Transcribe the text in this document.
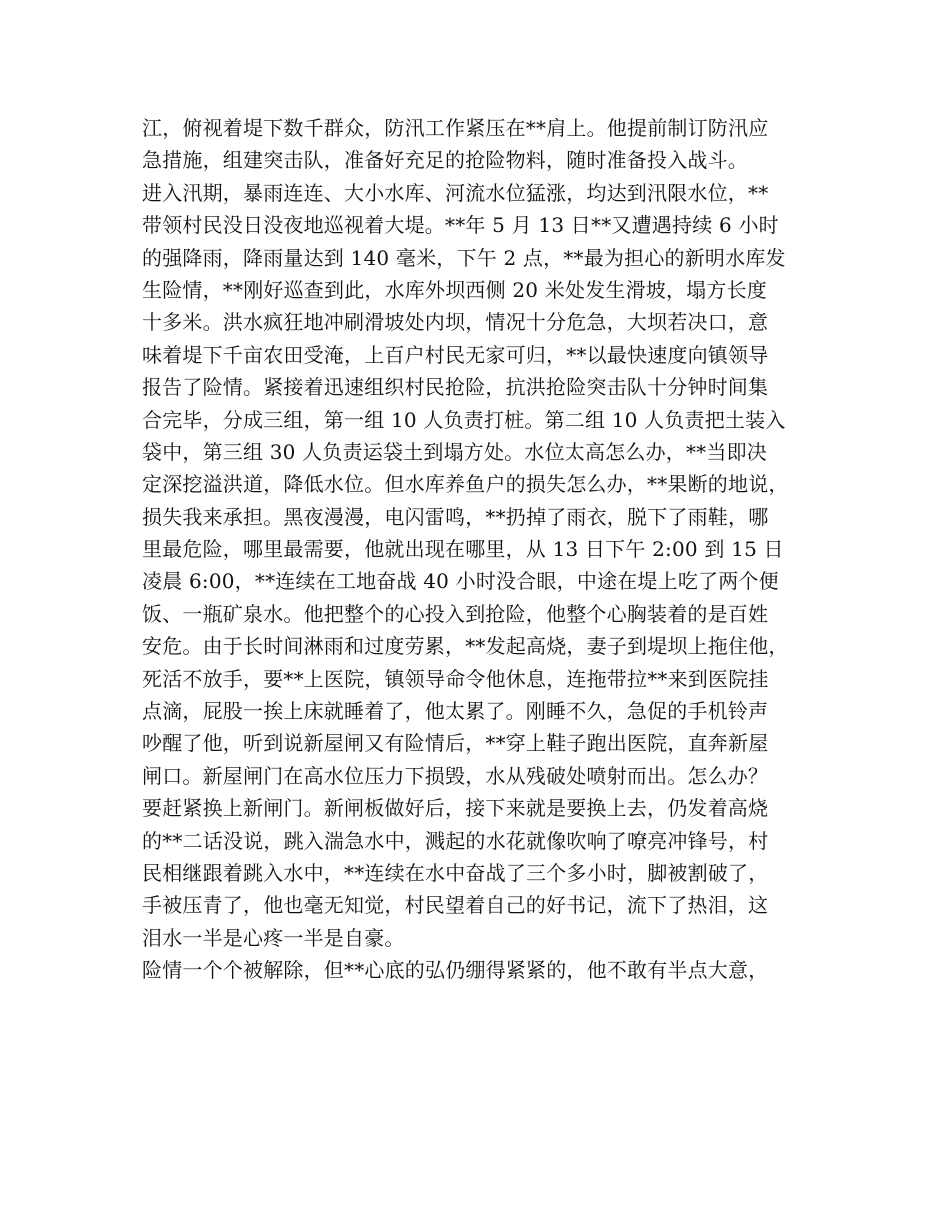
江，俯视着堤下数千群众，防汛工作紧压在**肩上。他提前制订防汛应
急措施，组建突击队，准备好充足的抢险物料，随时准备投入战斗。
进入汛期，暴雨连连、大小水库、河流水位猛涨，均达到汛限水位，**
带领村民没日没夜地巡视着大堤。**年 5 月 13 日**又遭遇持续 6 小时
的强降雨，降雨量达到 140 毫米，下午 2 点，**最为担心的新明水库发
生险情，**刚好巡查到此，水库外坝西侧 20 米处发生滑坡，塌方长度
十多米。洪水疯狂地冲刷滑坡处内坝，情况十分危急，大坝若决口，意
味着堤下千亩农田受淹，上百户村民无家可归，**以最快速度向镇领导
报告了险情。紧接着迅速组织村民抢险，抗洪抢险突击队十分钟时间集
合完毕，分成三组，第一组 10 人负责打桩。第二组 10 人负责把土装入
袋中，第三组 30 人负责运袋土到塌方处。水位太高怎么办，**当即决
定深挖溢洪道，降低水位。但水库养鱼户的损失怎么办，**果断的地说，
损失我来承担。黑夜漫漫，电闪雷鸣，**扔掉了雨衣，脱下了雨鞋，哪
里最危险，哪里最需要，他就出现在哪里，从 13 日下午 2:00 到 15 日
凌晨 6:00，**连续在工地奋战 40 小时没合眼，中途在堤上吃了两个便
饭、一瓶矿泉水。他把整个的心投入到抢险，他整个心胸装着的是百姓
安危。由于长时间淋雨和过度劳累，**发起高烧，妻子到堤坝上拖住他，
死活不放手，要**上医院，镇领导命令他休息，连拖带拉**来到医院挂
点滴，屁股一挨上床就睡着了，他太累了。刚睡不久，急促的手机铃声
吵醒了他，听到说新屋闸又有险情后，**穿上鞋子跑出医院，直奔新屋
闸口。新屋闸门在高水位压力下损毁，水从残破处喷射而出。怎么办？
要赶紧换上新闸门。新闸板做好后，接下来就是要换上去，仍发着高烧
的**二话没说，跳入湍急水中，溅起的水花就像吹响了嘹亮冲锋号，村
民相继跟着跳入水中，**连续在水中奋战了三个多小时，脚被割破了，
手被压青了，他也毫无知觉，村民望着自己的好书记，流下了热泪，这
泪水一半是心疼一半是自豪。
险情一个个被解除，但**心底的弘仍绷得紧紧的，他不敢有半点大意，
